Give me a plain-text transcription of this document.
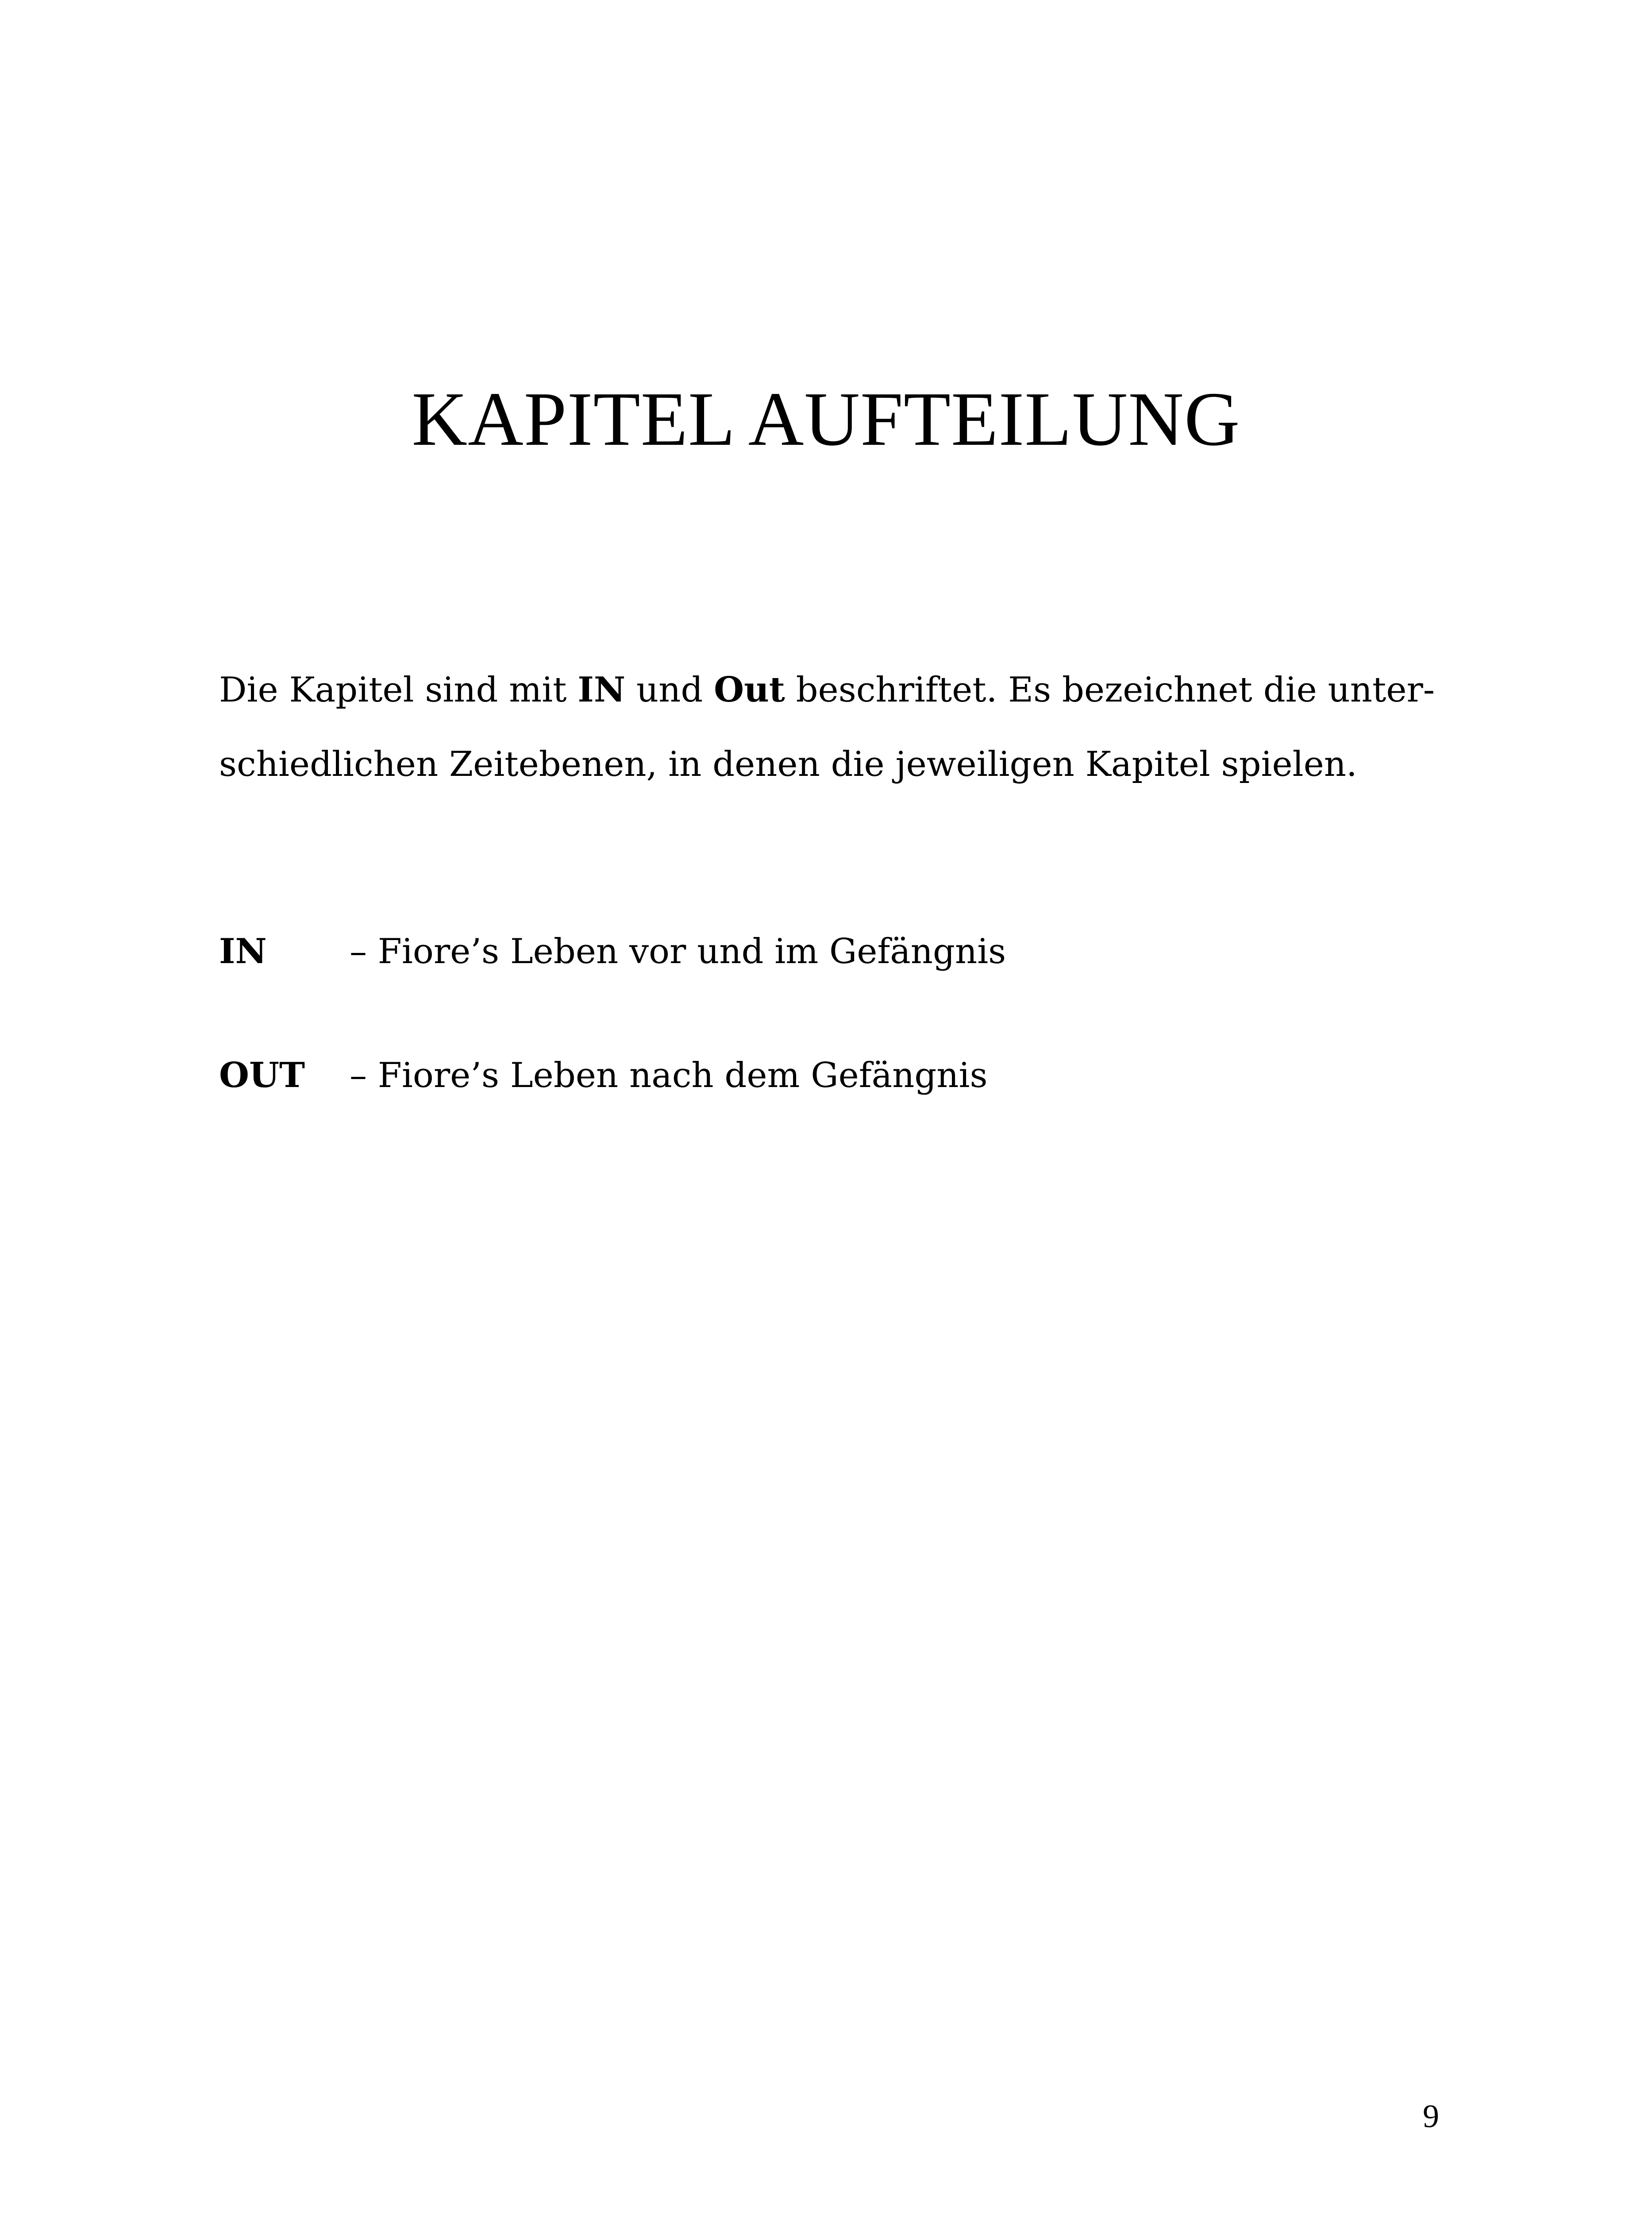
KAPITEL AUFTEILUNG

Die Kapitel sind mit IN und Out beschriftet. Es bezeichnet die unter-

schiedlichen Zeitebenen, in denen die jeweiligen Kapitel spielen.

IN – Fiore’s Leben vor und im Gefängnis
OUT – Fiore’s Leben nach dem Gefängnis
9
